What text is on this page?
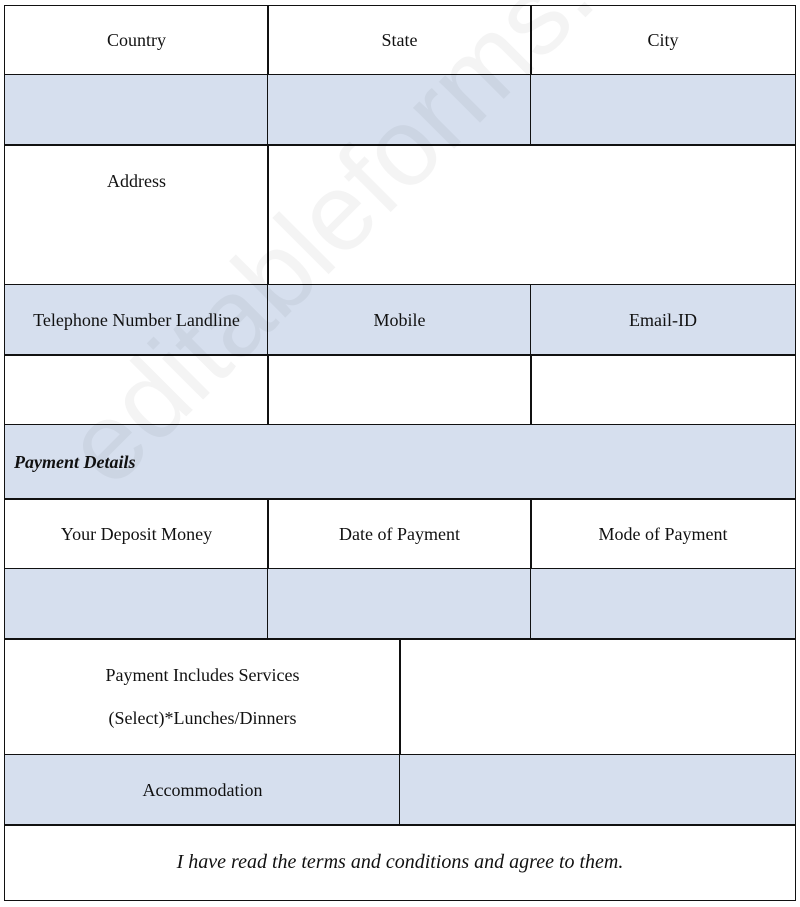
Country	State	City
Address
Telephone Number Landline	Mobile	Email-ID
Payment Details
Your Deposit Money	Date of Payment	Mode of Payment
Payment Includes Services
(Select)*Lunches/Dinners
Accommodation
I have read the terms and conditions and agree to them.
